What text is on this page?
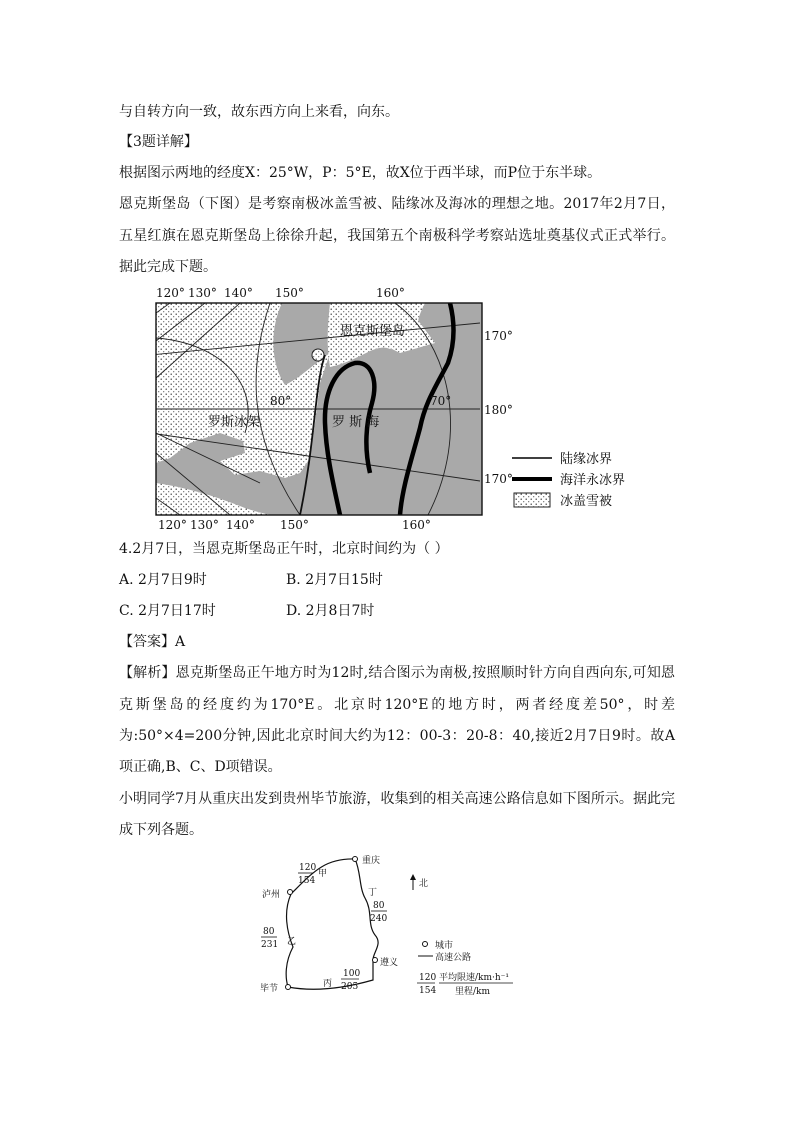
与自转方向一致，故东西方向上来看，向东。
【3题详解】
根据图示两地的经度X：25°W，P：5°E，故X位于西半球，而P位于东半球。
恩克斯堡岛（下图）是考察南极冰盖雪被、陆缘冰及海冰的理想之地。2017年2月7日，
五星红旗在恩克斯堡岛上徐徐升起，我国第五个南极科学考察站选址奠基仪式正式举行。
据此完成下题。
120° 130° 140° 150°	160°
120° 130° 140° 150°	160°
170°
180°
170°
80°	70°
恩克斯堡岛
罗斯冰架	罗 斯 海
陆缘冰界
海洋永冰界
冰盖雪被
4.2月7日，当恩克斯堡岛正午时，北京时间约为（ ）
A. 2月7日9时	B. 2月7日15时
C. 2月7日17时	D. 2月8日7时
【答案】A
【解析】恩克斯堡岛正午地方时为12时,结合图示为南极,按照顺时针方向自西向东,可知恩
克斯堡岛的经度约为170°E。北京时120°E的地方时，两者经度差50°，时差
为:50°×4=200分钟,因此北京时间大约为12：00-3：20-8：40,接近2月7日9时。故A
项正确,B、C、D项错误。
小明同学7月从重庆出发到贵州毕节旅游，收集到的相关高速公路信息如下图所示。据此完
成下列各题。
重庆
泸州
遵义
毕节
120
154
甲
丁
80
240
80
231 乙
100
205
丙
北
城市
高速公路
120
154
平均限速/km·h⁻¹
里程/km
